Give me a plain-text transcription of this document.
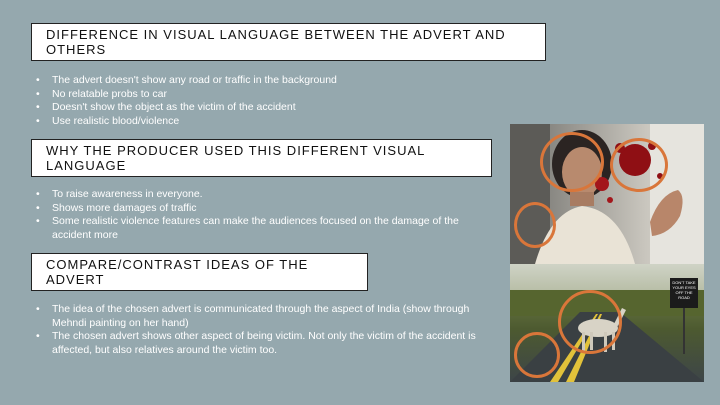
DIFFERENCE IN VISUAL LANGUAGE BETWEEN THE ADVERT AND OTHERS
• The advert doesn't show any road or traffic in the background
• No relatable probs to car
• Doesn't show the object as the victim of the accident
• Use realistic blood/violence
WHY THE PRODUCER USED THIS DIFFERENT VISUAL LANGUAGE
• To raise awareness in everyone.
• Shows more damages of traffic
• Some realistic violence features can make the audiences focused on the damage of the accident more
COMPARE/CONTRAST IDEAS OF THE ADVERT
• The idea of the chosen advert is communicated through the aspect of India (show through Mehndi painting on her hand)
• The chosen advert shows other aspect of being victim. Not only the victim of the accident is affected, but also relatives around the victim too.
DON'T TAKE YOUR EYES OFF THE ROAD
